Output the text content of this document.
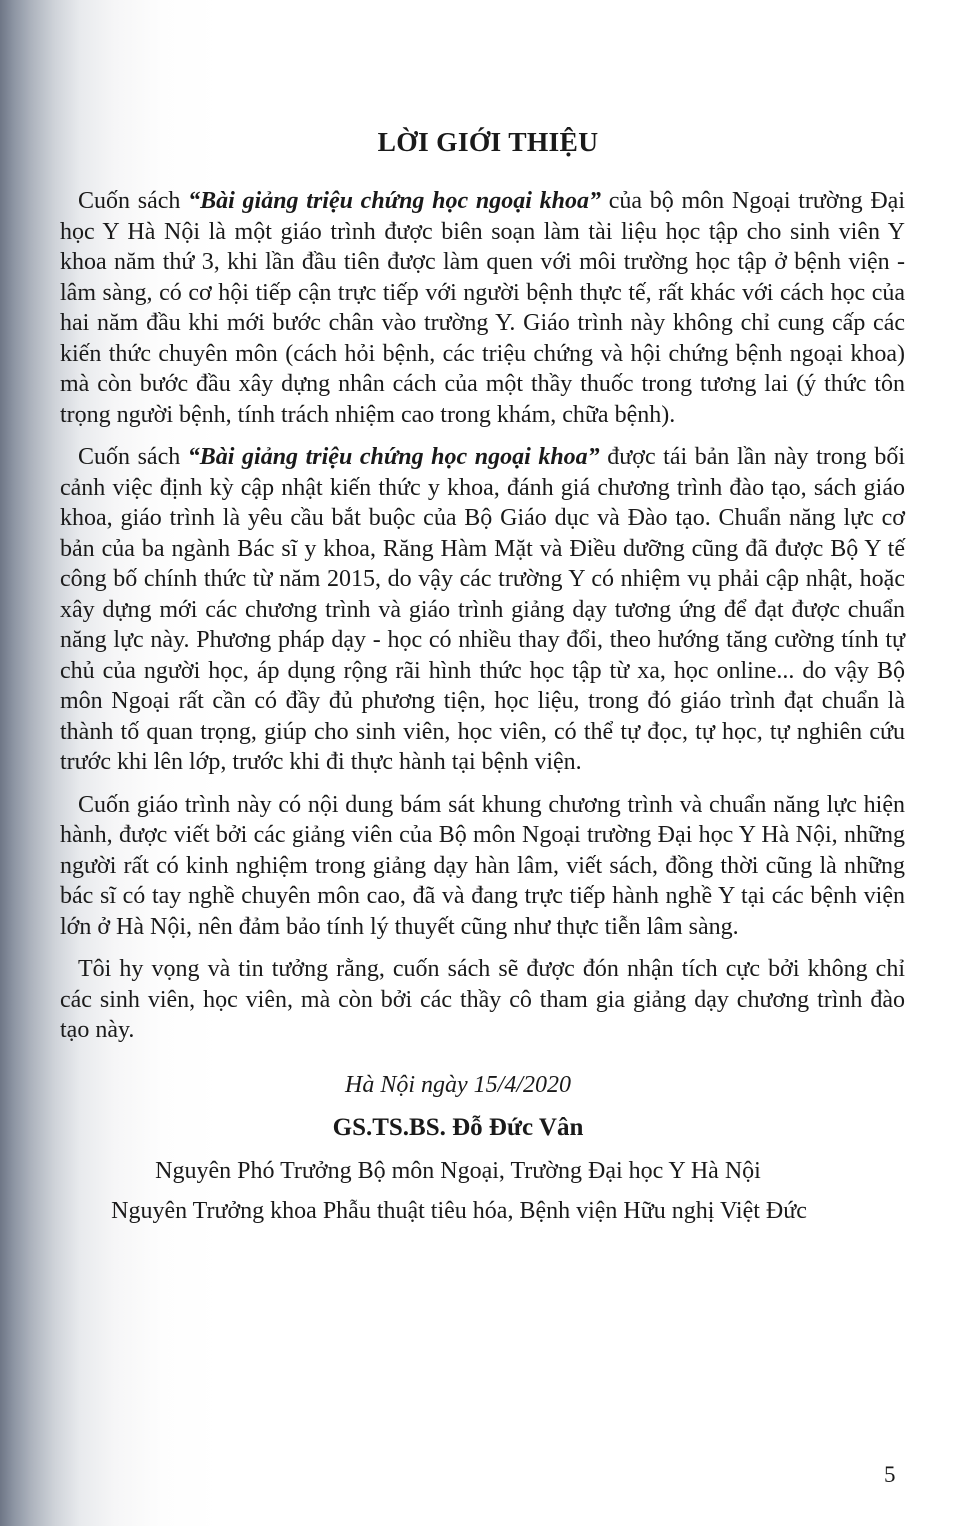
LỜI GIỚI THIỆU

Cuốn sách “Bài giảng triệu chứng học ngoại khoa” của bộ môn Ngoại trường Đại học Y Hà Nội là một giáo trình được biên soạn làm tài liệu học tập cho sinh viên Y khoa năm thứ 3, khi lần đầu tiên được làm quen với môi trường học tập ở bệnh viện - lâm sàng, có cơ hội tiếp cận trực tiếp với người bệnh thực tế, rất khác với cách học của hai năm đầu khi mới bước chân vào trường Y. Giáo trình này không chỉ cung cấp các kiến thức chuyên môn (cách hỏi bệnh, các triệu chứng và hội chứng bệnh ngoại khoa) mà còn bước đầu xây dựng nhân cách của một thầy thuốc trong tương lai (ý thức tôn trọng người bệnh, tính trách nhiệm cao trong khám, chữa bệnh).

Cuốn sách “Bài giảng triệu chứng học ngoại khoa” được tái bản lần này trong bối cảnh việc định kỳ cập nhật kiến thức y khoa, đánh giá chương trình đào tạo, sách giáo khoa, giáo trình là yêu cầu bắt buộc của Bộ Giáo dục và Đào tạo. Chuẩn năng lực cơ bản của ba ngành Bác sĩ y khoa, Răng Hàm Mặt và Điều dưỡng cũng đã được Bộ Y tế công bố chính thức từ năm 2015, do vậy các trường Y có nhiệm vụ phải cập nhật, hoặc xây dựng mới các chương trình và giáo trình giảng dạy tương ứng để đạt được chuẩn năng lực này. Phương pháp dạy - học có nhiều thay đổi, theo hướng tăng cường tính tự chủ của người học, áp dụng rộng rãi hình thức học tập từ xa, học online... do vậy Bộ môn Ngoại rất cần có đầy đủ phương tiện, học liệu, trong đó giáo trình đạt chuẩn là thành tố quan trọng, giúp cho sinh viên, học viên, có thể tự đọc, tự học, tự nghiên cứu trước khi lên lớp, trước khi đi thực hành tại bệnh viện.

Cuốn giáo trình này có nội dung bám sát khung chương trình và chuẩn năng lực hiện hành, được viết bởi các giảng viên của Bộ môn Ngoại trường Đại học Y Hà Nội, những người rất có kinh nghiệm trong giảng dạy hàn lâm, viết sách, đồng thời cũng là những bác sĩ có tay nghề chuyên môn cao, đã và đang trực tiếp hành nghề Y tại các bệnh viện lớn ở Hà Nội, nên đảm bảo tính lý thuyết cũng như thực tiễn lâm sàng.

Tôi hy vọng và tin tưởng rằng, cuốn sách sẽ được đón nhận tích cực bởi không chỉ các sinh viên, học viên, mà còn bởi các thầy cô tham gia giảng dạy chương trình đào tạo này.

Hà Nội ngày 15/4/2020
GS.TS.BS. Đỗ Đức Vân
Nguyên Phó Trưởng Bộ môn Ngoại, Trường Đại học Y Hà Nội
Nguyên Trưởng khoa Phẫu thuật tiêu hóa, Bệnh viện Hữu nghị Việt Đức
5
